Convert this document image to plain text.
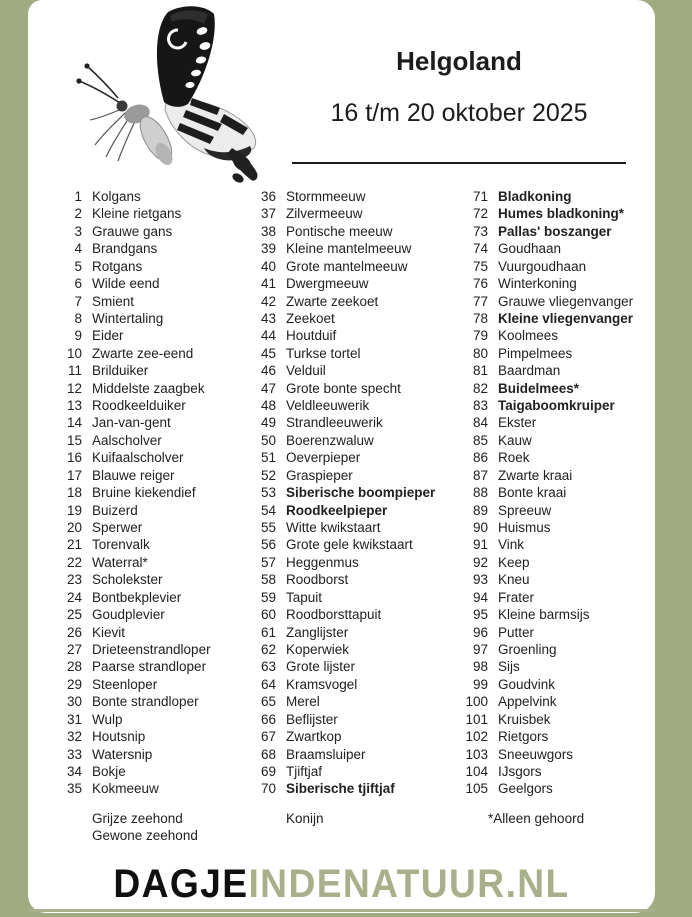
Helgoland
16 t/m 20 oktober 2025
1 Kolgans
2 Kleine rietgans
3 Grauwe gans
4 Brandgans
5 Rotgans
6 Wilde eend
7 Smient
8 Wintertaling
9 Eider
10 Zwarte zee-eend
11 Brilduiker
12 Middelste zaagbek
13 Roodkeelduiker
14 Jan-van-gent
15 Aalscholver
16 Kuifaalscholver
17 Blauwe reiger
18 Bruine kiekendief
19 Buizerd
20 Sperwer
21 Torenvalk
22 Waterral*
23 Scholekster
24 Bontbekplevier
25 Goudplevier
26 Kievit
27 Drieteenstrandloper
28 Paarse strandloper
29 Steenloper
30 Bonte strandloper
31 Wulp
32 Houtsnip
33 Watersnip
34 Bokje
35 Kokmeeuw
36 Stormmeeuw
37 Zilvermeeuw
38 Pontische meeuw
39 Kleine mantelmeeuw
40 Grote mantelmeeuw
41 Dwergmeeuw
42 Zwarte zeekoet
43 Zeekoet
44 Houtduif
45 Turkse tortel
46 Velduil
47 Grote bonte specht
48 Veldleeuwerik
49 Strandleeuwerik
50 Boerenzwaluw
51 Oeverpieper
52 Graspieper
53 Siberische boompieper
54 Roodkeelpieper
55 Witte kwikstaart
56 Grote gele kwikstaart
57 Heggenmus
58 Roodborst
59 Tapuit
60 Roodborsttapuit
61 Zanglijster
62 Koperwiek
63 Grote lijster
64 Kramsvogel
65 Merel
66 Beflijster
67 Zwartkop
68 Braamsluiper
69 Tjiftjaf
70 Siberische tjiftjaf
71 Bladkoning
72 Humes bladkoning*
73 Pallas' boszanger
74 Goudhaan
75 Vuurgoudhaan
76 Winterkoning
77 Grauwe vliegenvanger
78 Kleine vliegenvanger
79 Koolmees
80 Pimpelmees
81 Baardman
82 Buidelmees*
83 Taigaboomkruiper
84 Ekster
85 Kauw
86 Roek
87 Zwarte kraai
88 Bonte kraai
89 Spreeuw
90 Huismus
91 Vink
92 Keep
93 Kneu
94 Frater
95 Kleine barmsijs
96 Putter
97 Groenling
98 Sijs
99 Goudvink
100 Appelvink
101 Kruisbek
102 Rietgors
103 Sneeuwgors
104 IJsgors
105 Geelgors
Grijze zeehond
Gewone zeehond
Konijn	*Alleen gehoord
DAGJEINDENATUUR.NL
